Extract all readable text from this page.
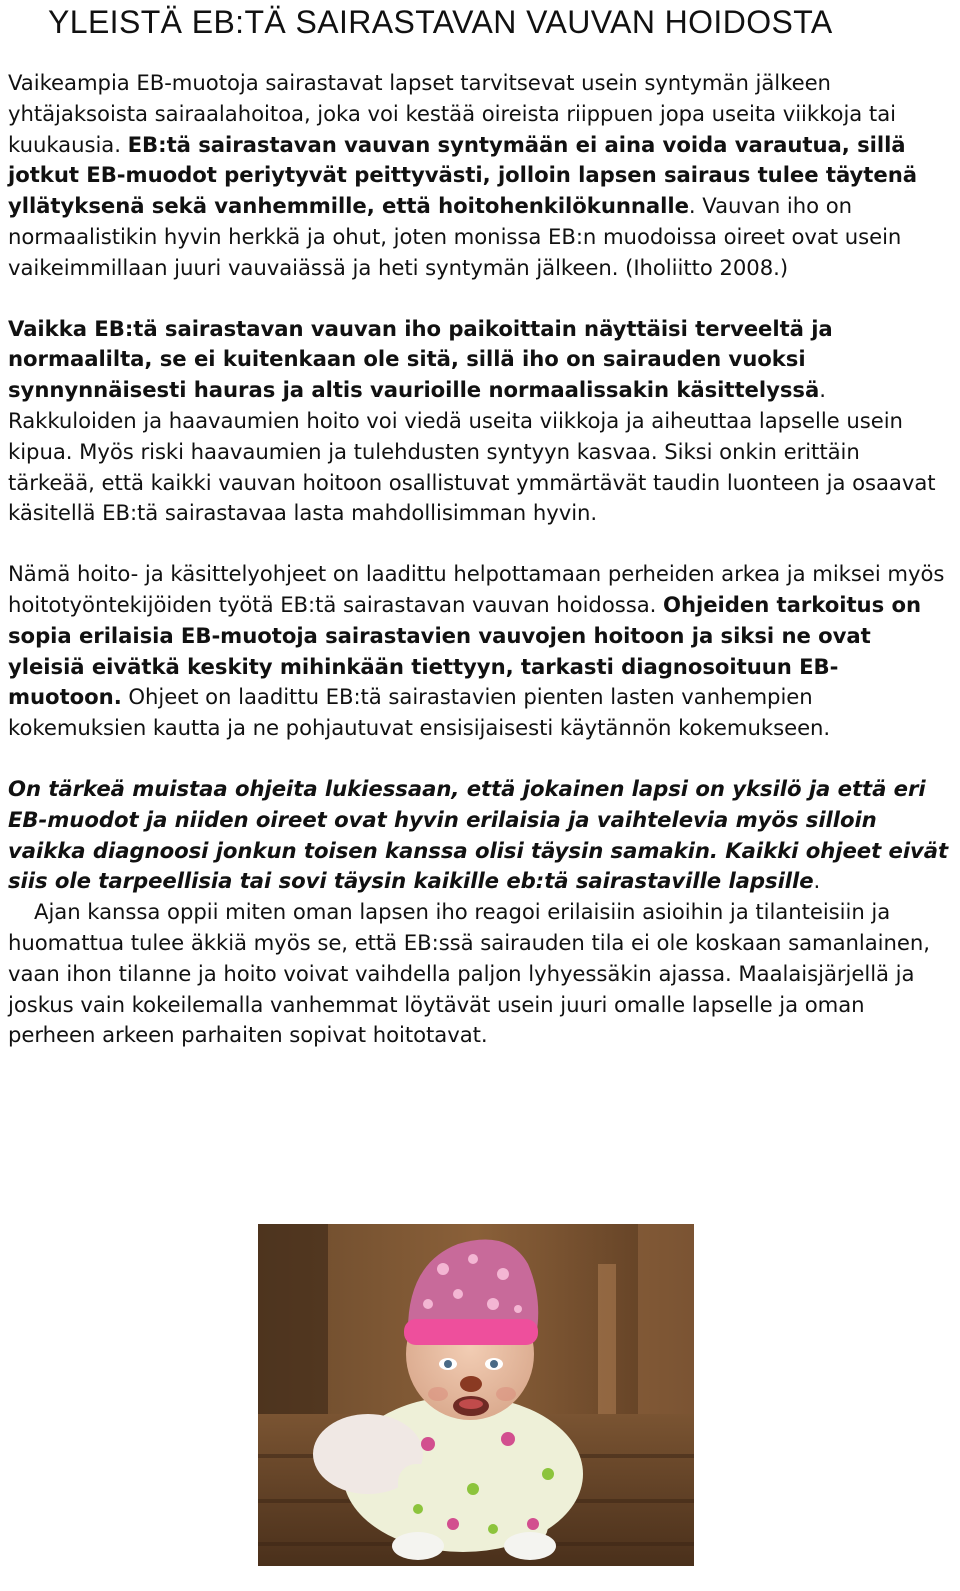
YLEISTÄ EB:TÄ SAIRASTAVAN VAUVAN HOIDOSTA

Vaikeampia EB-muotoja sairastavat lapset tarvitsevat usein syntymän jälkeen yhtäjaksoista sairaalahoitoa, joka voi kestää oireista riippuen jopa useita viikkoja tai kuukausia. EB:tä sairastavan vauvan syntymään ei aina voida varautua, sillä jotkut EB-muodot periytyvät peittyvästi, jolloin lapsen sairaus tulee täytenä yllätyksenä sekä vanhemmille, että hoitohenkilökunnalle. Vauvan iho on normaalistikin hyvin herkkä ja ohut, joten monissa EB:n muodoissa oireet ovat usein vaikeimmillaan juuri vauvaiässä ja heti syntymän jälkeen. (Iholiitto 2008.)

Vaikka EB:tä sairastavan vauvan iho paikoittain näyttäisi terveeltä ja normaalilta, se ei kuitenkaan ole sitä, sillä iho on sairauden vuoksi synnynnäisesti hauras ja altis vaurioille normaalissakin käsittelyssä. Rakkuloiden ja haavaumien hoito voi viedä useita viikkoja ja aiheuttaa lapselle usein kipua. Myös riski haavaumien ja tulehdusten syntyyn kasvaa. Siksi onkin erittäin tärkeää, että kaikki vauvan hoitoon osallistuvat ymmärtävät taudin luonteen ja osaavat käsitellä EB:tä sairastavaa lasta mahdollisimman hyvin.

Nämä hoito- ja käsittelyohjeet on laadittu helpottamaan perheiden arkea ja miksei myös hoitotyöntekijöiden työtä EB:tä sairastavan vauvan hoidossa. Ohjeiden tarkoitus on sopia erilaisia EB-muotoja sairastavien vauvojen hoitoon ja siksi ne ovat yleisiä eivätkä keskity mihinkään tiettyyn, tarkasti diagnosoituun EB-muotoon. Ohjeet on laadittu EB:tä sairastavien pienten lasten vanhempien kokemuksien kautta ja ne pohjautuvat ensisijaisesti käytännön kokemukseen.

On tärkeä muistaa ohjeita lukiessaan, että jokainen lapsi on yksilö ja että eri EB-muodot ja niiden oireet ovat hyvin erilaisia ja vaihtelevia myös silloin vaikka diagnoosi jonkun toisen kanssa olisi täysin samakin. Kaikki ohjeet eivät siis ole tarpeellisia tai sovi täysin kaikille eb:tä sairastaville lapsille.

Ajan kanssa oppii miten oman lapsen iho reagoi erilaisiin asioihin ja tilanteisiin ja huomattua tulee äkkiä myös se, että EB:ssä sairauden tila ei ole koskaan samanlainen, vaan ihon tilanne ja hoito voivat vaihdella paljon lyhyessäkin ajassa. Maalaisjärjellä ja joskus vain kokeilemalla vanhemmat löytävät usein juuri omalle lapselle ja oman perheen arkeen parhaiten sopivat hoitotavat.
